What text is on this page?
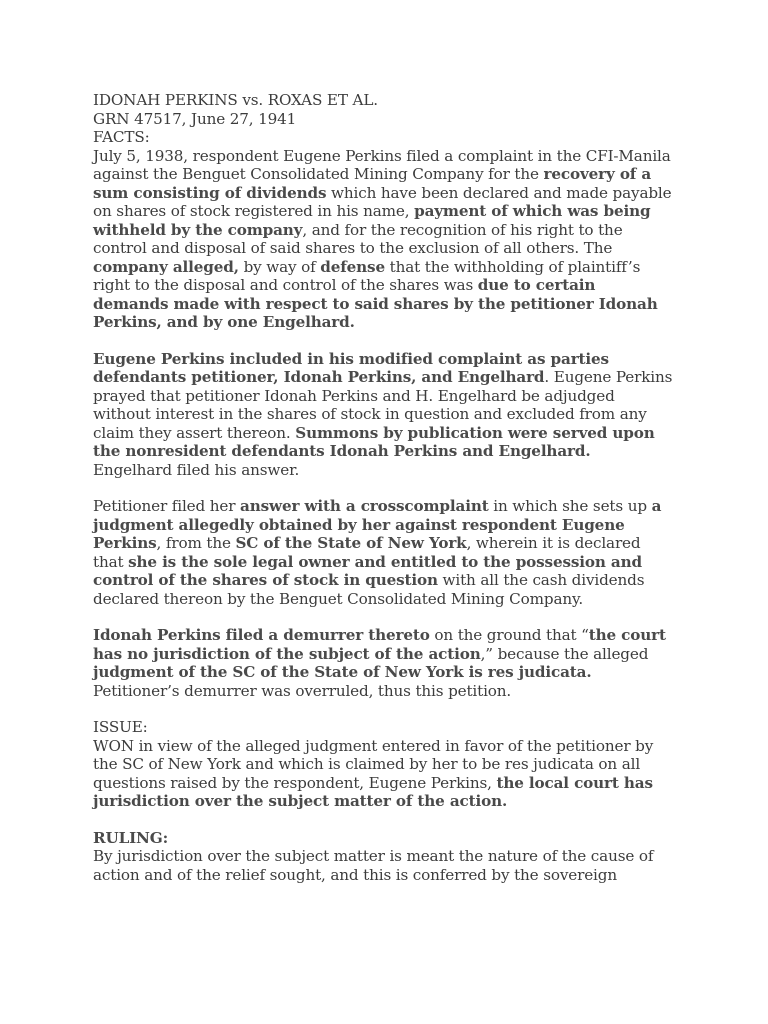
IDONAH PERKINS vs. ROXAS ET AL.

GRN 47517, June 27, 1941

FACTS:

July 5, 1938, respondent Eugene Perkins filed a complaint in the CFI-Manila against the Benguet Consolidated Mining Company for the recovery of a sum consisting of dividends which have been declared and made payable on shares of stock registered in his name, payment of which was being withheld by the company, and for the recognition of his right to the control and disposal of said shares to the exclusion of all others. The company alleged, by way of defense that the withholding of plaintiff’s right to the disposal and control of the shares was due to certain demands made with respect to said shares by the petitioner Idonah Perkins, and by one Engelhard.

Eugene Perkins included in his modified complaint as parties defendants petitioner, Idonah Perkins, and Engelhard. Eugene Perkins prayed that petitioner Idonah Perkins and H. Engelhard be adjudged without interest in the shares of stock in question and excluded from any claim they assert thereon. Summons by publication were served upon the nonresident defendants Idonah Perkins and Engelhard. Engelhard filed his answer.

Petitioner filed her answer with a crosscomplaint in which she sets up a judgment allegedly obtained by her against respondent Eugene Perkins, from the SC of the State of New York, wherein it is declared that she is the sole legal owner and entitled to the possession and control of the shares of stock in question with all the cash dividends declared thereon by the Benguet Consolidated Mining Company.

Idonah Perkins filed a demurrer thereto on the ground that “the court has no jurisdiction of the subject of the action,” because the alleged judgment of the SC of the State of New York is res judicata. Petitioner’s demurrer was overruled, thus this petition.

ISSUE:

WON in view of the alleged judgment entered in favor of the petitioner by the SC of New York and which is claimed by her to be res judicata on all questions raised by the respondent, Eugene Perkins, the local court has jurisdiction over the subject matter of the action.

RULING:

By jurisdiction over the subject matter is meant the nature of the cause of action and of the relief sought, and this is conferred by the sovereign
